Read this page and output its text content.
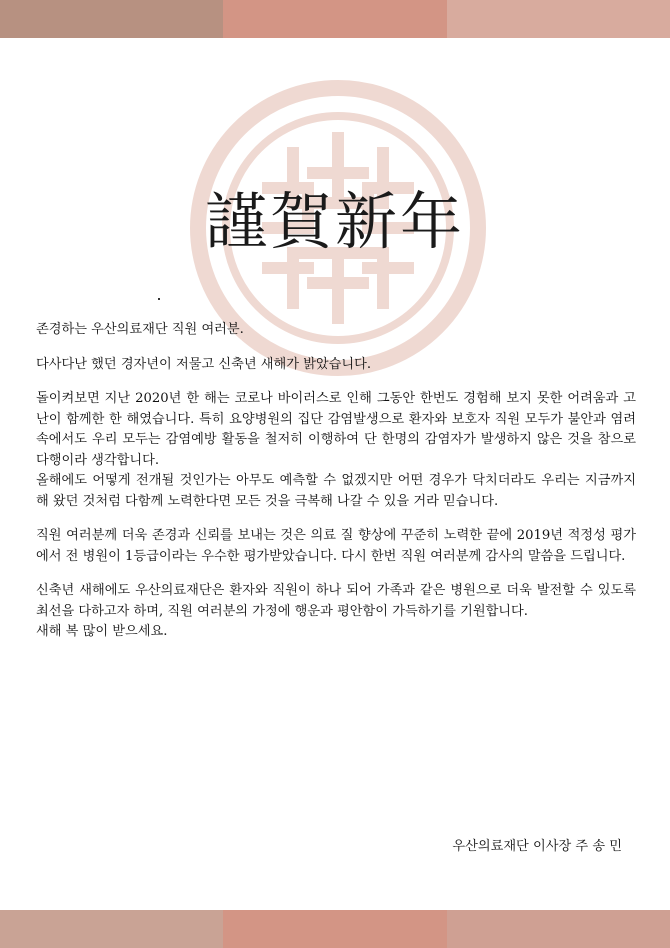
謹賀新年

존경하는 우산의료재단 직원 여러분.

다사다난 했던 경자년이 저물고 신축년 새해가 밝았습니다.

돌이켜보면 지난 2020년 한 해는 코로나 바이러스로 인해 그동안 한번도 경험해 보지 못한 어려움과 고난이 함께한 한 해였습니다. 특히 요양병원의 집단 감염발생으로 환자와 보호자 직원 모두가 불안과 염려속에서도 우리 모두는 감염예방 활동을 철저히 이행하여 단 한명의 감염자가 발생하지 않은 것을 참으로 다행이라 생각합니다.

올해에도 어떻게 전개될 것인가는 아무도 예측할 수 없겠지만 어떤 경우가 닥치더라도 우리는 지금까지 해 왔던 것처럼 다함께 노력한다면 모든 것을 극복해 나갈 수 있을 거라 믿습니다.

직원 여러분께 더욱 존경과 신뢰를 보내는 것은 의료 질 향상에 꾸준히 노력한 끝에 2019년 적정성 평가에서 전 병원이 1등급이라는 우수한 평가받았습니다. 다시 한번 직원 여러분께 감사의 말씀을 드립니다.

신축년 새해에도 우산의료재단은 환자와 직원이 하나 되어 가족과 같은 병원으로 더욱 발전할 수 있도록 최선을 다하고자 하며, 직원 여러분의 가정에 행운과 평안함이 가득하기를 기원합니다.

새해 복 많이 받으세요.

우산의료재단 이사장 주 송 민
